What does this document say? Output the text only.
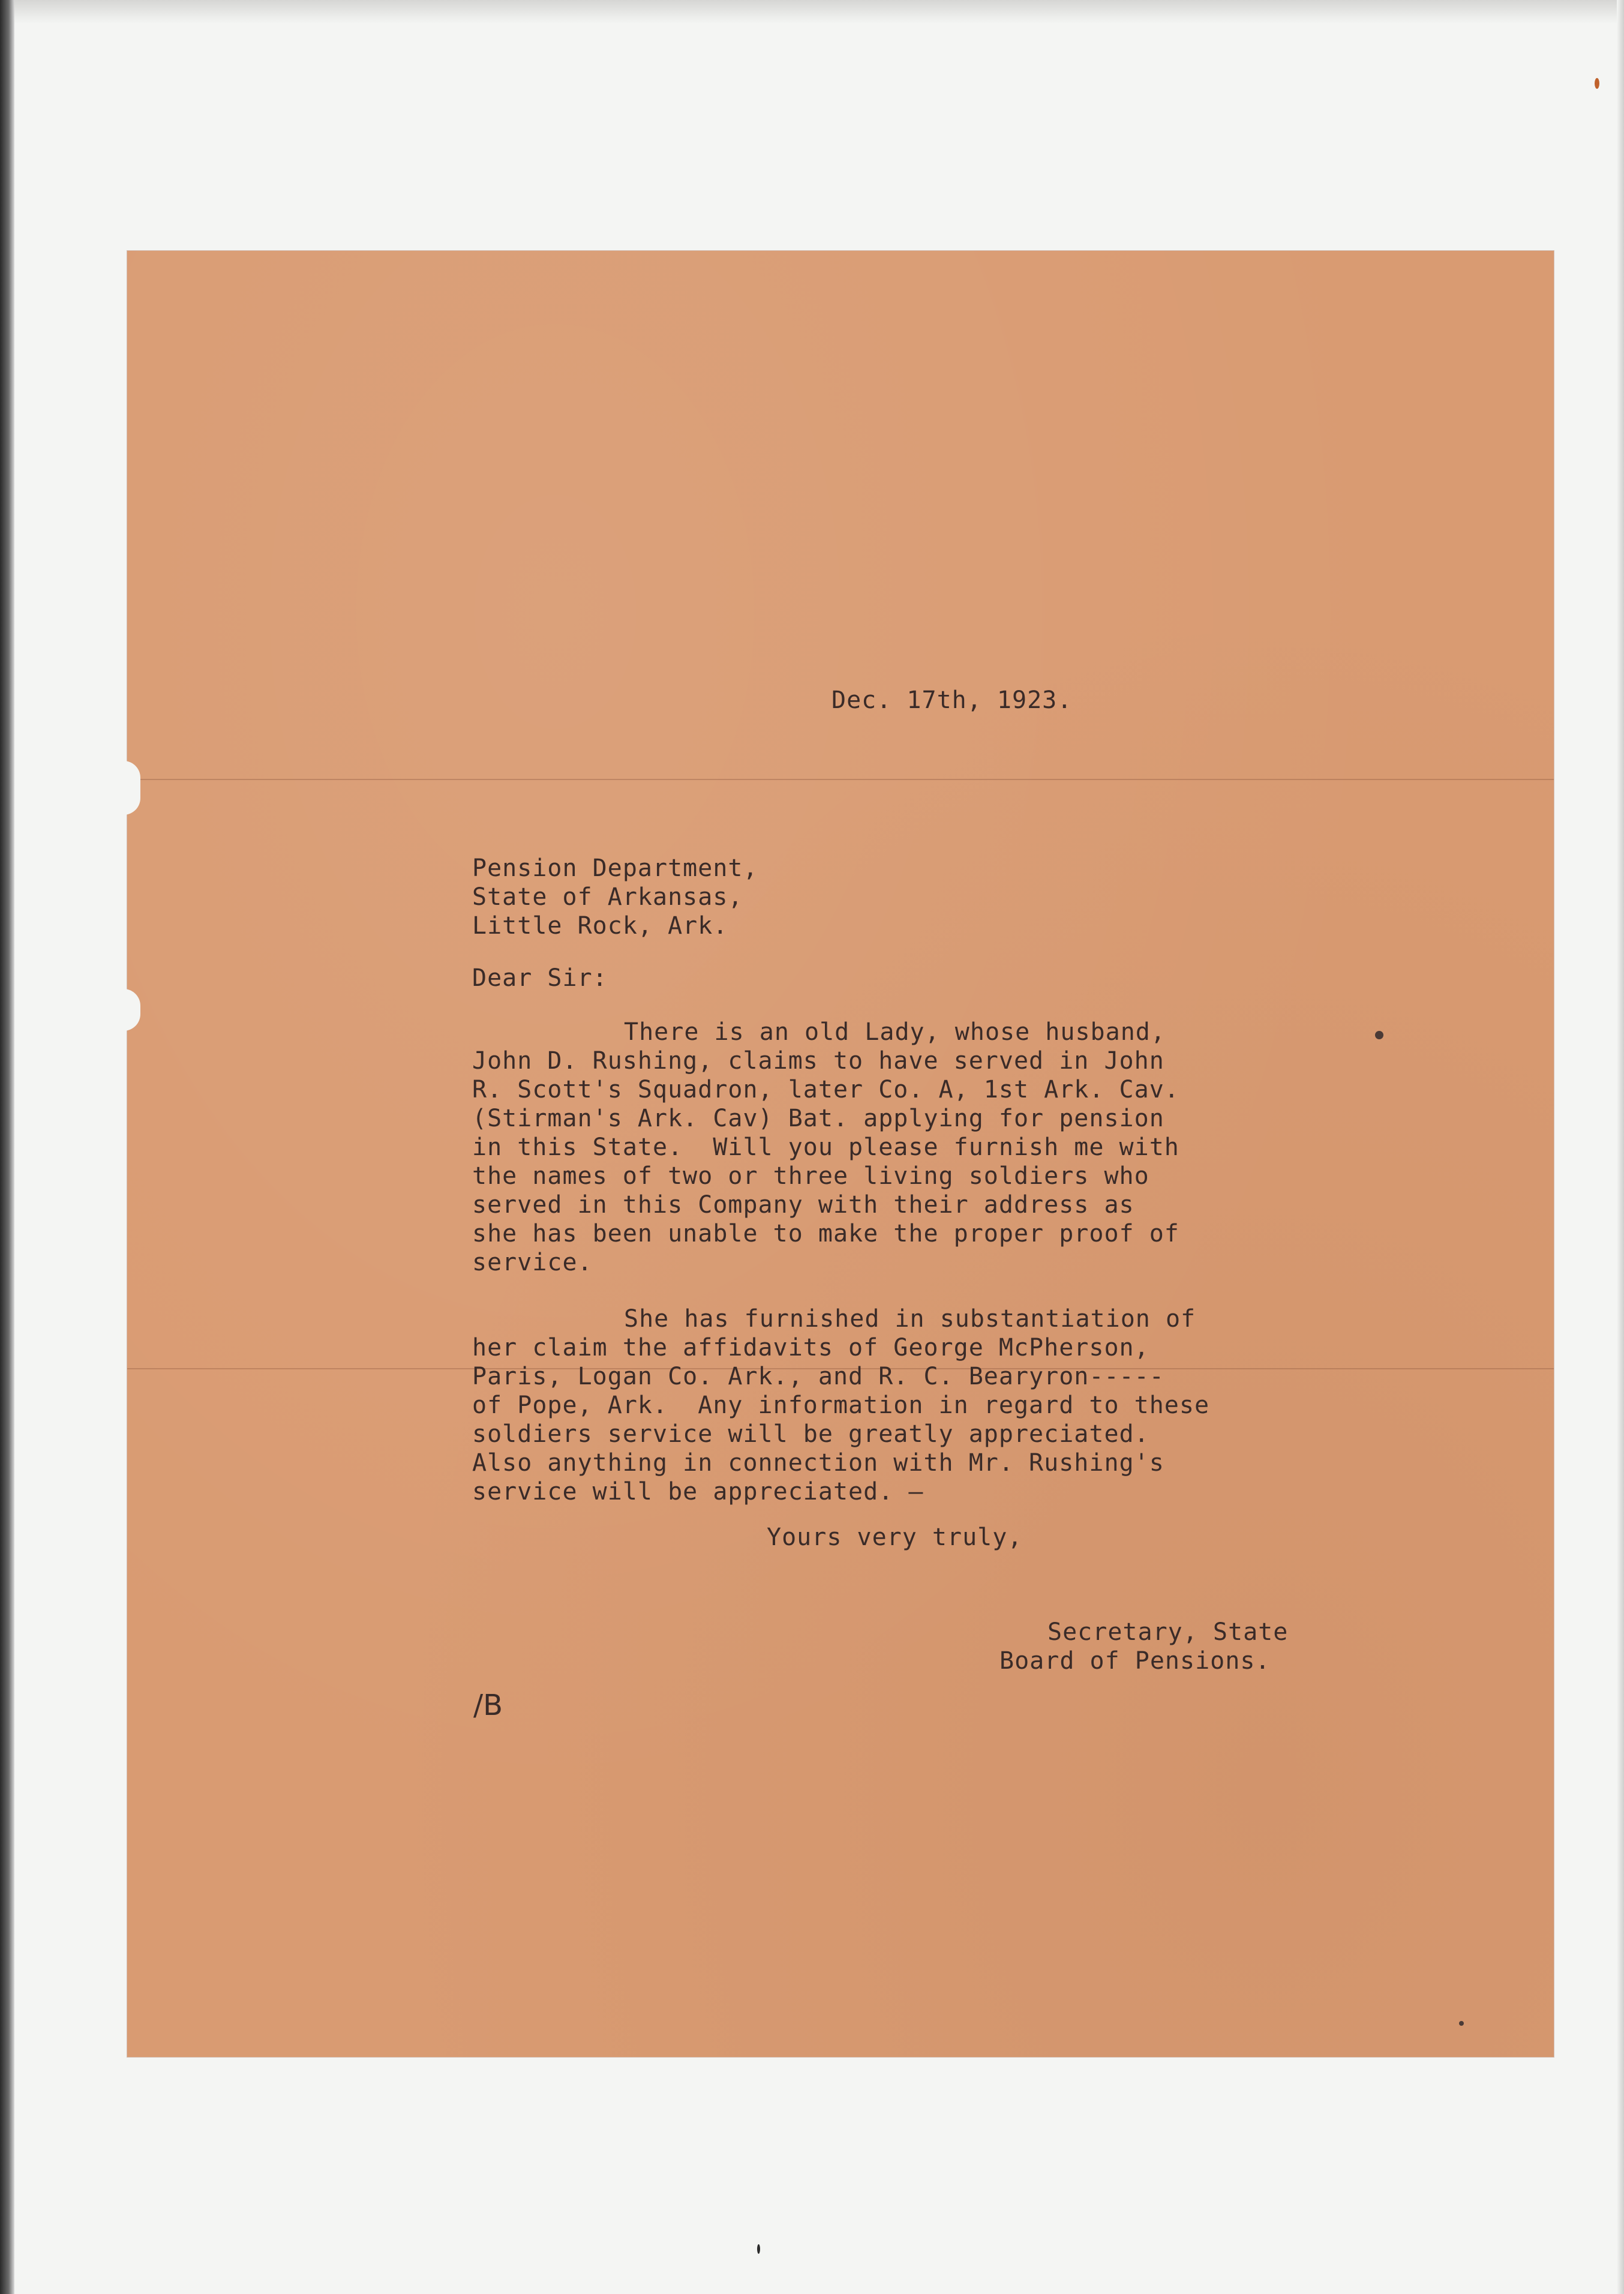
Dec. 17th, 1923.
Pension Department,
State of Arkansas,
Little Rock, Ark.
Dear Sir:
There is an old Lady, whose husband,
John D. Rushing, claims to have served in John
R. Scott's Squadron, later Co. A, 1st Ark. Cav.
(Stirman's Ark. Cav) Bat. applying for pension
in this State.  Will you please furnish me with
the names of two or three living soldiers who
served in this Company with their address as
she has been unable to make the proper proof of
service.
She has furnished in substantiation of
her claim the affidavits of George McPherson,
Paris, Logan Co. Ark., and R. C. Bearyron-----
of Pope, Ark.  Any information in regard to these
soldiers service will be greatly appreciated.
Also anything in connection with Mr. Rushing's
service will be appreciated. —
Yours very truly,
Secretary, State
Board of Pensions.
/B
